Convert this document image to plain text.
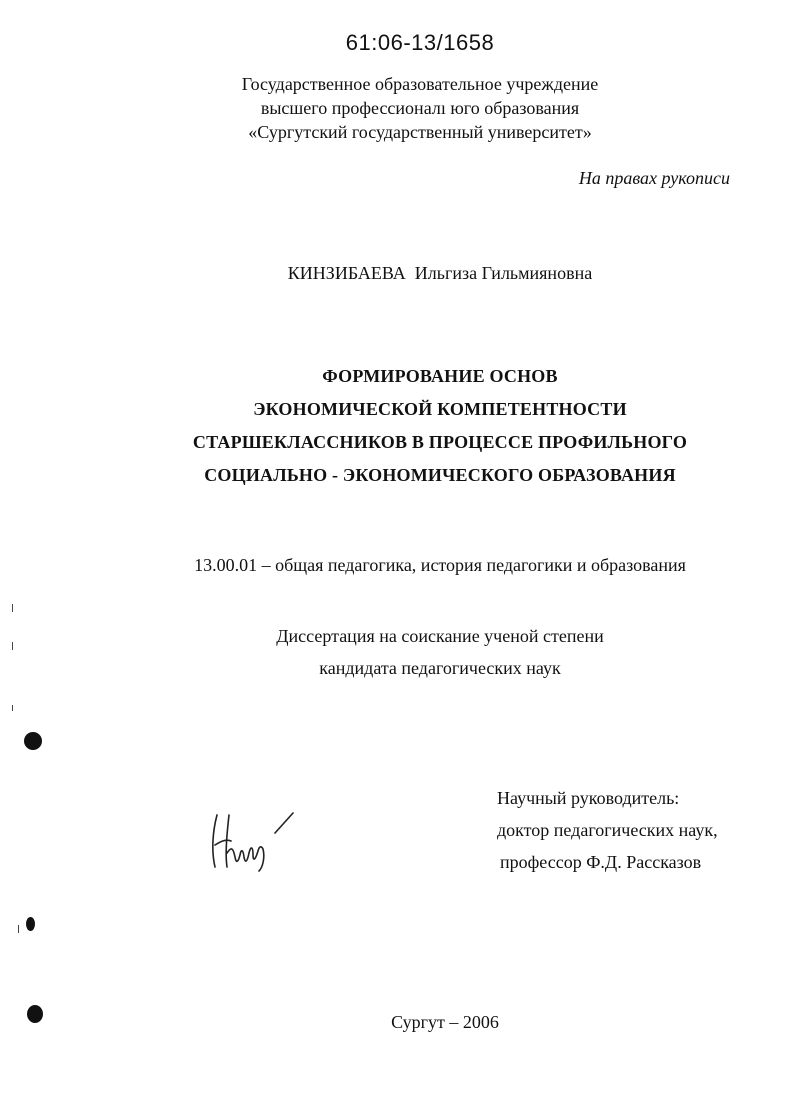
61:06-13/1658
Государственное образовательное учреждение
высшего профессионалı юго образования
«Сургутский государственный университет»
На правах рукописи
КИНЗИБАЕВА Ильгиза Гильмияновна
ФОРМИРОВАНИЕ ОСНОВ
ЭКОНОМИЧЕСКОЙ КОМПЕТЕНТНОСТИ
СТАРШЕКЛАССНИКОВ В ПРОЦЕССЕ ПРОФИЛЬНОГО
СОЦИАЛЬНО - ЭКОНОМИЧЕСКОГО ОБРАЗОВАНИЯ
13.00.01 – общая педагогика, история педагогики и образования
Диссертация на соискание ученой степени
кандидата педагогических наук
Научный руководитель:
доктор педагогических наук,
профессор Ф.Д. Рассказов
Сургут – 2006
